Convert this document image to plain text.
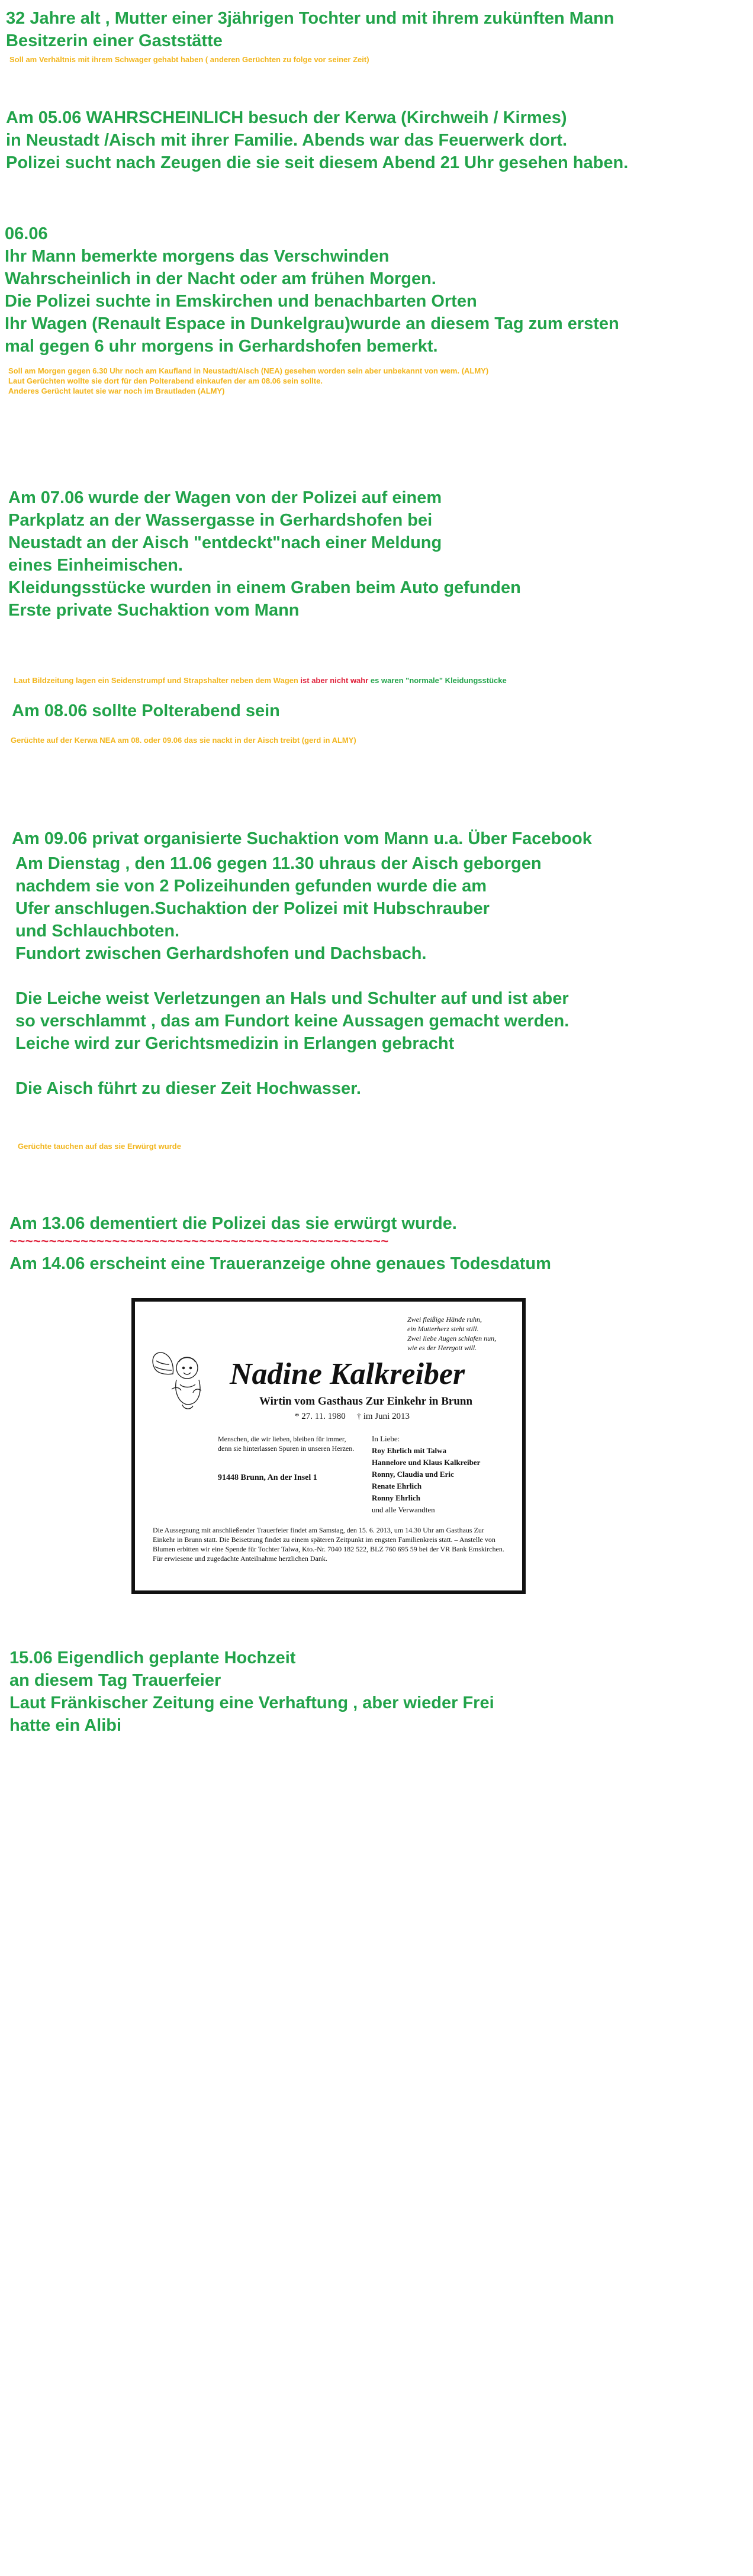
32 Jahre alt , Mutter einer 3jährigen Tochter und mit ihrem zukünften Mann
Besitzerin einer Gaststätte
Soll am Verhältnis mit ihrem Schwager gehabt haben ( anderen Gerüchten zu folge vor seiner Zeit)
Am 05.06 WAHRSCHEINLICH besuch der Kerwa (Kirchweih / Kirmes)
in Neustadt /Aisch mit ihrer Familie. Abends war das Feuerwerk dort.
Polizei sucht nach Zeugen die sie seit diesem Abend 21 Uhr gesehen haben.
06.06
Ihr Mann bemerkte morgens das Verschwinden
Wahrscheinlich in der Nacht oder am frühen Morgen.
Die Polizei suchte in Emskirchen und benachbarten Orten
Ihr Wagen (Renault Espace in Dunkelgrau)wurde an diesem Tag zum ersten
mal gegen 6 uhr morgens in Gerhardshofen bemerkt.
Soll am Morgen gegen 6.30 Uhr noch am Kaufland in Neustadt/Aisch (NEA) gesehen worden sein aber unbekannt von wem. (ALMY)
Laut Gerüchten wollte sie dort für den Polterabend einkaufen der am 08.06 sein sollte.
Anderes Gerücht lautet sie war noch im Brautladen (ALMY)
Am 07.06 wurde der Wagen von der Polizei auf einem
Parkplatz an der Wassergasse in Gerhardshofen bei
Neustadt an der Aisch "entdeckt"nach einer Meldung
eines Einheimischen.
Kleidungsstücke wurden in einem Graben beim Auto gefunden
Erste private Suchaktion vom Mann

Laut Bildzeitung lagen ein Seidenstrumpf und Strapshalter neben dem Wagen ist aber nicht wahr es waren "normale" Kleidungsstücke

Am 08.06 sollte Polterabend sein
Gerüchte auf der Kerwa NEA am 08. oder 09.06 das sie nackt in der Aisch treibt (gerd in ALMY)
Am 09.06 privat organisierte Suchaktion vom Mann u.a. Über Facebook
Am Dienstag , den 11.06 gegen 11.30 uhraus der Aisch geborgen
nachdem sie von 2 Polizeihunden gefunden wurde die am
Ufer anschlugen.Suchaktion der Polizei mit Hubschrauber
und Schlauchboten.
Fundort zwischen Gerhardshofen und Dachsbach.
Die Leiche weist Verletzungen an Hals und Schulter auf und ist aber
so verschlammt , das am Fundort keine Aussagen gemacht werden.
Leiche wird zur Gerichtsmedizin in Erlangen gebracht
Die Aisch führt zu dieser Zeit Hochwasser.
Gerüchte tauchen auf das sie Erwürgt wurde
Am 13.06 dementiert die Polizei das sie erwürgt wurde.
~~~~~~~~~~~~~~~~~~~~~~~~~~~~~~~~~~~~~~~~~~~~~~~~
Am 14.06 erscheint eine Traueranzeige ohne genaues Todesdatum
Zwei fleißige Hände ruhn,
ein Mutterherz steht still.
Zwei liebe Augen schlafen nun,
wie es der Herrgott will.
Nadine Kalkreiber
Wirtin vom Gasthaus Zur Einkehr in Brunn
* 27. 11. 1980     † im Juni 2013
Menschen, die wir lieben, bleiben für immer,
denn sie hinterlassen Spuren in unseren Herzen.
91448 Brunn, An der Insel 1
In Liebe:
Roy Ehrlich mit Talwa
Hannelore und Klaus Kalkreiber
Ronny, Claudia und Eric
Renate Ehrlich
Ronny Ehrlich
und alle Verwandten
Die Aussegnung mit anschließender Trauerfeier findet am Samstag, den 15. 6. 2013, um 14.30 Uhr am Gasthaus Zur Einkehr in Brunn statt. Die Beisetzung findet zu einem späteren Zeitpunkt im engsten Familienkreis statt. – Anstelle von Blumen erbitten wir eine Spende für Tochter Talwa, Kto.-Nr. 7040 182 522, BLZ 760 695 59 bei der VR Bank Emskirchen. Für erwiesene und zugedachte Anteilnahme herzlichen Dank.
15.06 Eigendlich geplante Hochzeit
an diesem Tag Trauerfeier
Laut Fränkischer Zeitung eine Verhaftung , aber wieder Frei
hatte ein Alibi
